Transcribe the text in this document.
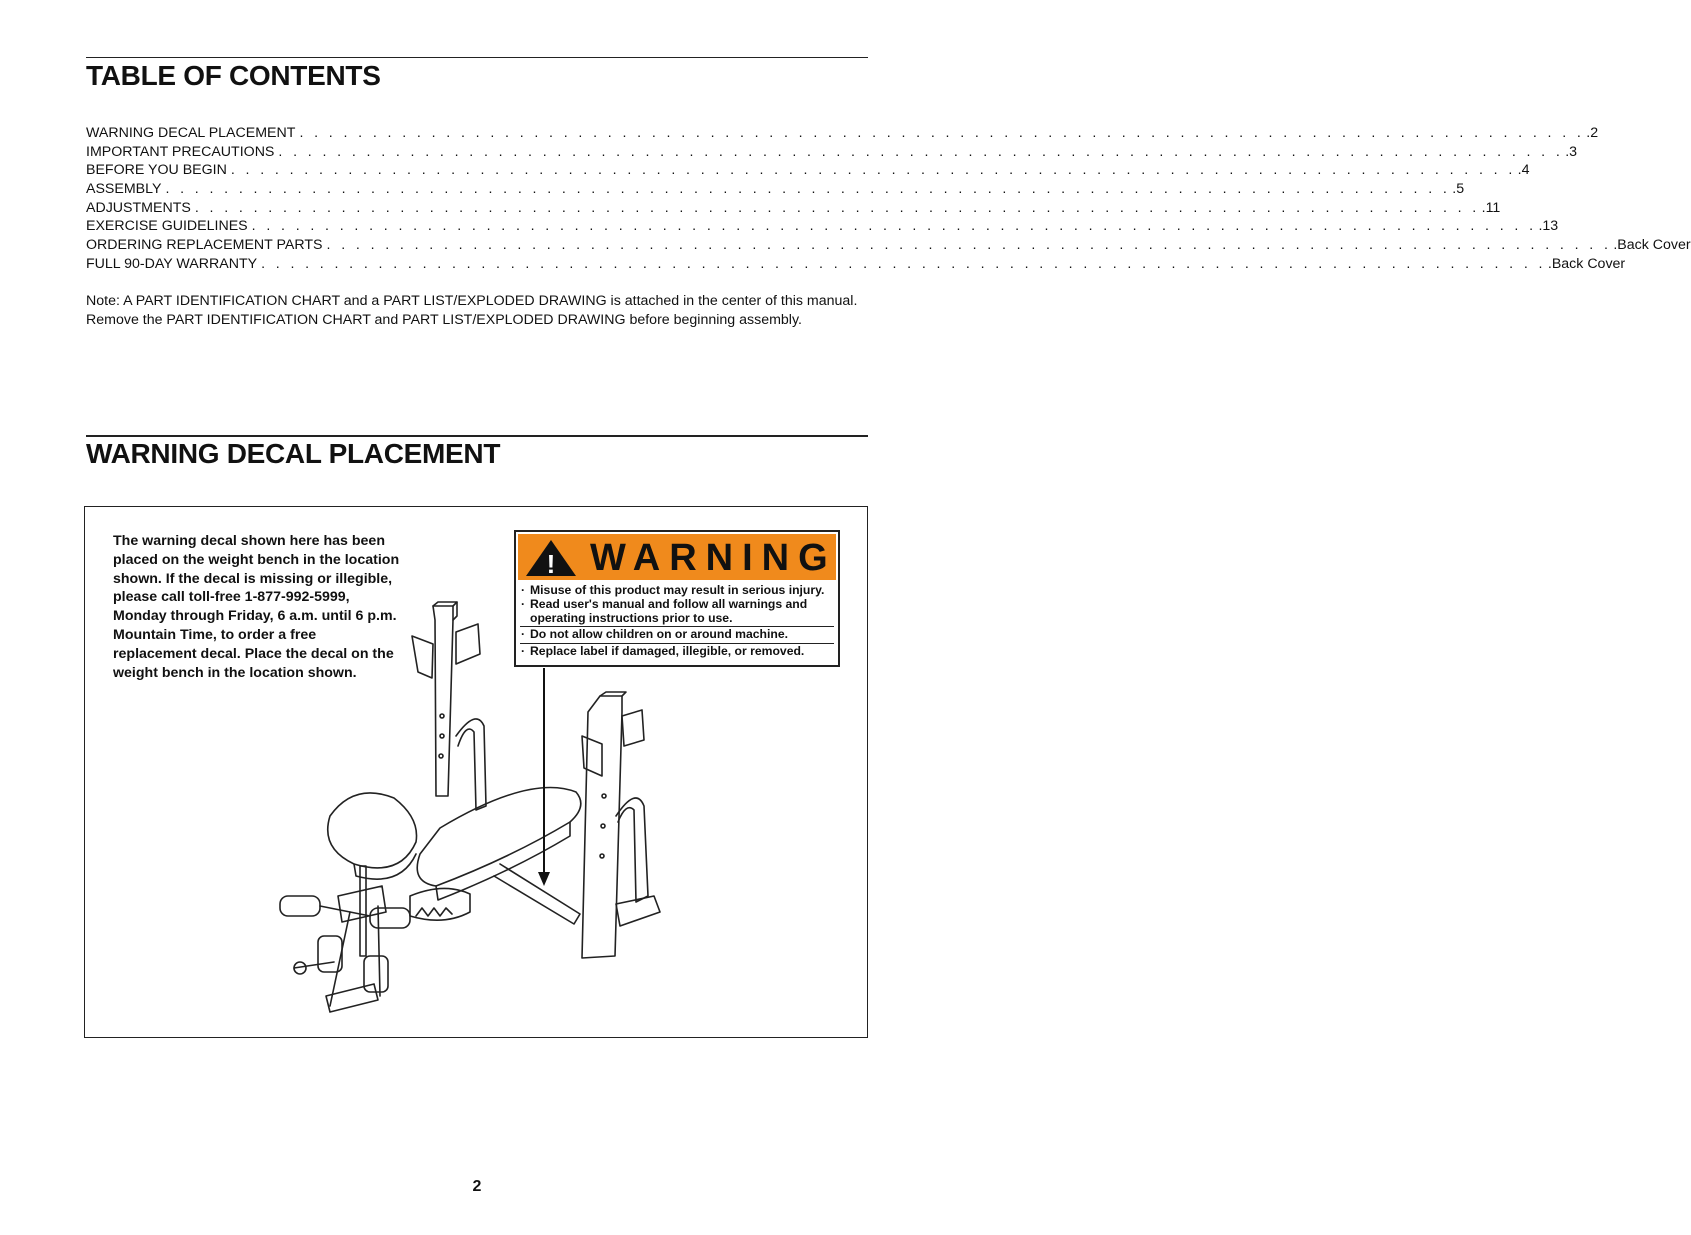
TABLE OF CONTENTS
WARNING DECAL PLACEMENT . . . . . . . . . . . . . . . . . . . . . . . . . . . . . . . . . . . . . . . . . . . . . . . . . . . . . . . . . . . . . . . . . . . . . . . . . . . . . . . . . . . . . . . . .2
IMPORTANT PRECAUTIONS . . . . . . . . . . . . . . . . . . . . . . . . . . . . . . . . . . . . . . . . . . . . . . . . . . . . . . . . . . . . . . . . . . . . . . . . . . . . . . . . . . . . . . . . .3
BEFORE YOU BEGIN . . . . . . . . . . . . . . . . . . . . . . . . . . . . . . . . . . . . . . . . . . . . . . . . . . . . . . . . . . . . . . . . . . . . . . . . . . . . . . . . . . . . . . . . .4
ASSEMBLY . . . . . . . . . . . . . . . . . . . . . . . . . . . . . . . . . . . . . . . . . . . . . . . . . . . . . . . . . . . . . . . . . . . . . . . . . . . . . . . . . . . . . . . . .5
ADJUSTMENTS . . . . . . . . . . . . . . . . . . . . . . . . . . . . . . . . . . . . . . . . . . . . . . . . . . . . . . . . . . . . . . . . . . . . . . . . . . . . . . . . . . . . . . . . .11
EXERCISE GUIDELINES . . . . . . . . . . . . . . . . . . . . . . . . . . . . . . . . . . . . . . . . . . . . . . . . . . . . . . . . . . . . . . . . . . . . . . . . . . . . . . . . . . . . . . . . .13
ORDERING REPLACEMENT PARTS . . . . . . . . . . . . . . . . . . . . . . . . . . . . . . . . . . . . . . . . . . . . . . . . . . . . . . . . . . . . . . . . . . . . . . . . . . . . . . . . . . . . . . . . .Back Cover
FULL 90-DAY WARRANTY . . . . . . . . . . . . . . . . . . . . . . . . . . . . . . . . . . . . . . . . . . . . . . . . . . . . . . . . . . . . . . . . . . . . . . . . . . . . . . . . . . . . . . . . .Back Cover
Note: A PART IDENTIFICATION CHART and a PART LIST/EXPLODED DRAWING is attached in the center of this manual. Remove the PART IDENTIFICATION CHART and PART LIST/EXPLODED DRAWING before beginning assembly.
WARNING DECAL PLACEMENT
The warning decal shown here has been placed on the weight bench in the location shown. If the decal is missing or illegible, please call toll-free 1-877-992-5999, Monday through Friday, 6 a.m. until 6 p.m. Mountain Time, to order a free replacement decal. Place the decal on the weight bench in the location shown.
! WARNING
· Misuse of this product may result in serious injury.
· Read user's manual and follow all warnings and operating instructions prior to use.
· Do not allow children on or around machine.
· Replace label if damaged, illegible, or removed.
2
